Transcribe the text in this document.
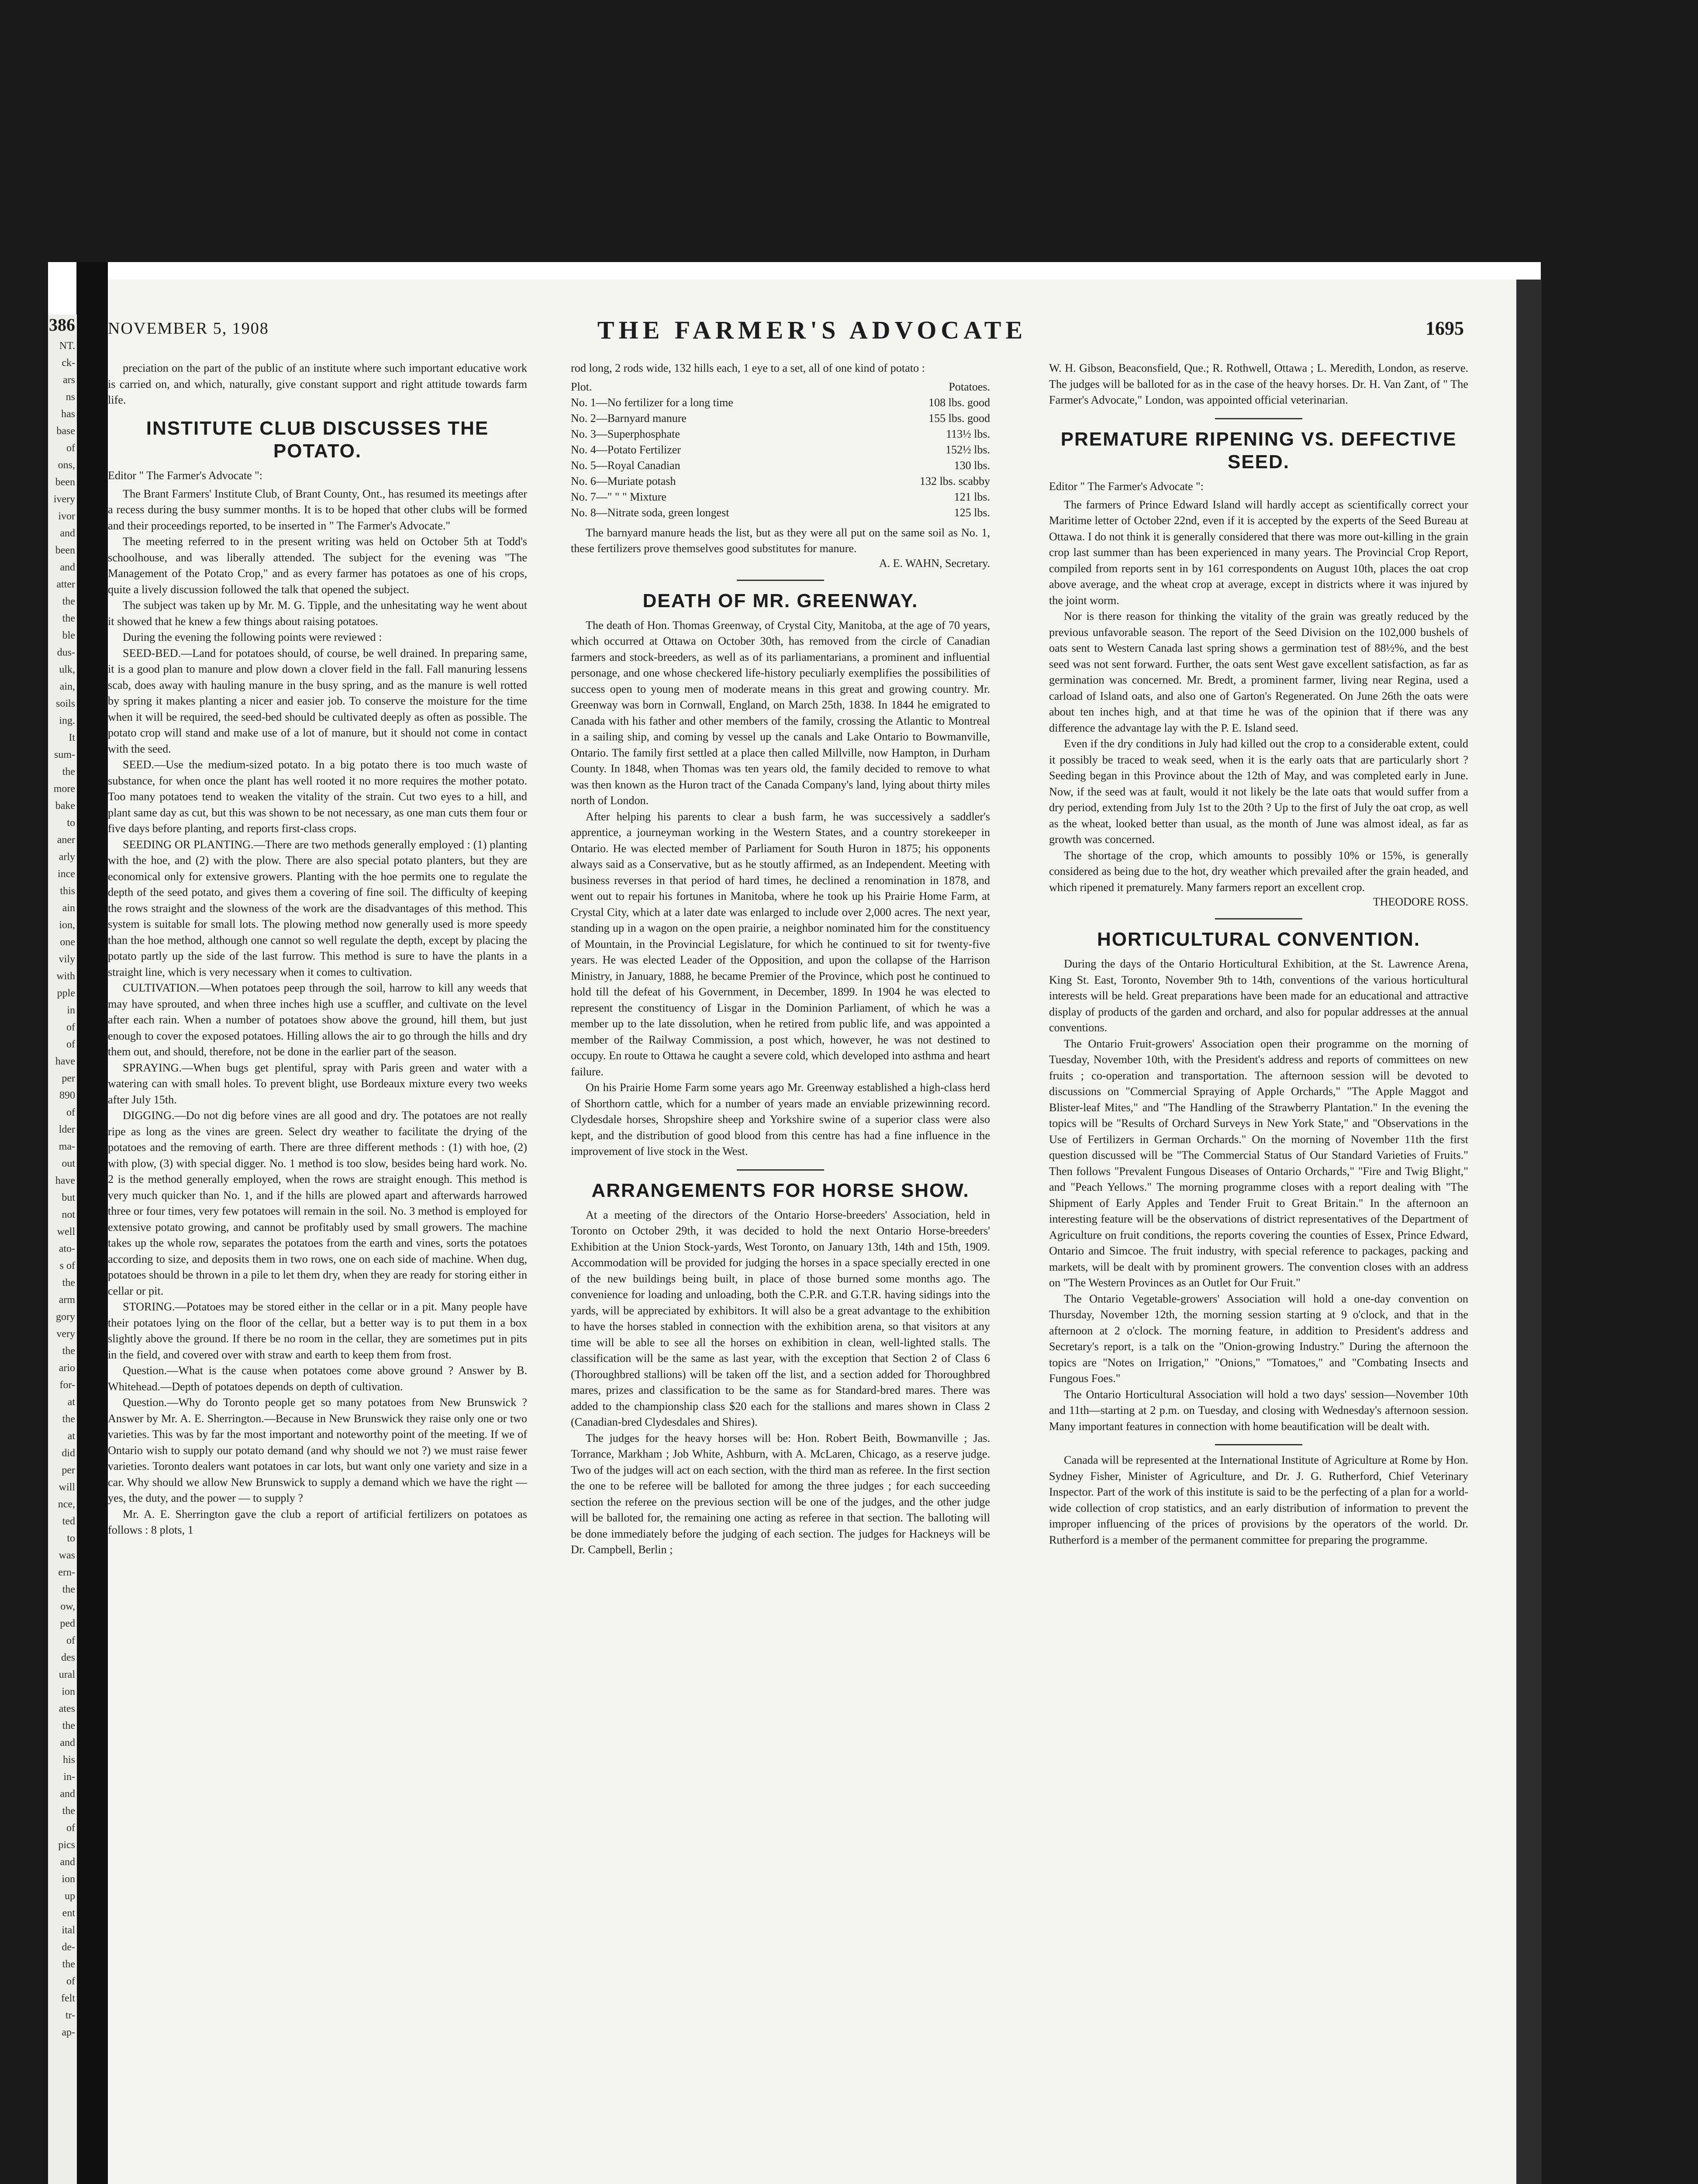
386
NT.
ck-
ars
ns
has
base
of
ons,
been
ivery
ivor
and
been
and
atter
the
the
ble
dus-
ulk,
ain,
soils
ing.
It
sum-
the
more
bake
to
aner
arly
ince
this
ain
ion,
one
vily
with
pple
in
of
of
have
per
890
of
lder
ma-
out
have
but
not
well
ato-
s of
the
arm
gory
very
the
ario
for-
at
the
at
did
per
will
nce,
ted
to
was
ern-
the
ow,
ped
of
des
ural
ion
ates
the
and
his
in-
and
the
of
pics
and
ion
up
ent
ital
de-
the
of
felt
tr-
ap-
NOVEMBER 5, 1908	THE FARMER'S ADVOCATE	1695

preciation on the part of the public of an institute where such important educative work is carried on, and which, naturally, give constant support and right attitude towards farm life.

INSTITUTE CLUB DISCUSSES THE POTATO.

Editor " The Farmer's Advocate ":

The Brant Farmers' Institute Club, of Brant County, Ont., has resumed its meetings after a recess during the busy summer months. It is to be hoped that other clubs will be formed and their proceedings reported, to be inserted in " The Farmer's Advocate."

The meeting referred to in the present writing was held on October 5th at Todd's schoolhouse, and was liberally attended. The subject for the evening was "The Management of the Potato Crop," and as every farmer has potatoes as one of his crops, quite a lively discussion followed the talk that opened the subject.

The subject was taken up by Mr. M. G. Tipple, and the unhesitating way he went about it showed that he knew a few things about raising potatoes.

During the evening the following points were reviewed :

SEED-BED.—Land for potatoes should, of course, be well drained. In preparing same, it is a good plan to manure and plow down a clover field in the fall. Fall manuring lessens scab, does away with hauling manure in the busy spring, and as the manure is well rotted by spring it makes planting a nicer and easier job. To conserve the moisture for the time when it will be required, the seed-bed should be cultivated deeply as often as possible. The potato crop will stand and make use of a lot of manure, but it should not come in contact with the seed.

SEED.—Use the medium-sized potato. In a big potato there is too much waste of substance, for when once the plant has well rooted it no more requires the mother potato. Too many potatoes tend to weaken the vitality of the strain. Cut two eyes to a hill, and plant same day as cut, but this was shown to be not necessary, as one man cuts them four or five days before planting, and reports first-class crops.

SEEDING OR PLANTING.—There are two methods generally employed : (1) planting with the hoe, and (2) with the plow. There are also special potato planters, but they are economical only for extensive growers. Planting with the hoe permits one to regulate the depth of the seed potato, and gives them a covering of fine soil. The difficulty of keeping the rows straight and the slowness of the work are the disadvantages of this method. This system is suitable for small lots. The plowing method now generally used is more speedy than the hoe method, although one cannot so well regulate the depth, except by placing the potato partly up the side of the last furrow. This method is sure to have the plants in a straight line, which is very necessary when it comes to cultivation.

CULTIVATION.—When potatoes peep through the soil, harrow to kill any weeds that may have sprouted, and when three inches high use a scuffler, and cultivate on the level after each rain. When a number of potatoes show above the ground, hill them, but just enough to cover the exposed potatoes. Hilling allows the air to go through the hills and dry them out, and should, therefore, not be done in the earlier part of the season.

SPRAYING.—When bugs get plentiful, spray with Paris green and water with a watering can with small holes. To prevent blight, use Bordeaux mixture every two weeks after July 15th.

DIGGING.—Do not dig before vines are all good and dry. The potatoes are not really ripe as long as the vines are green. Select dry weather to facilitate the drying of the potatoes and the removing of earth. There are three different methods : (1) with hoe, (2) with plow, (3) with special digger. No. 1 method is too slow, besides being hard work. No. 2 is the method generally employed, when the rows are straight enough. This method is very much quicker than No. 1, and if the hills are plowed apart and afterwards harrowed three or four times, very few potatoes will remain in the soil. No. 3 method is employed for extensive potato growing, and cannot be profitably used by small growers. The machine takes up the whole row, separates the potatoes from the earth and vines, sorts the potatoes according to size, and deposits them in two rows, one on each side of machine. When dug, potatoes should be thrown in a pile to let them dry, when they are ready for storing either in cellar or pit.

STORING.—Potatoes may be stored either in the cellar or in a pit. Many people have their potatoes lying on the floor of the cellar, but a better way is to put them in a box slightly above the ground. If there be no room in the cellar, they are sometimes put in pits in the field, and covered over with straw and earth to keep them from frost.

Question.—What is the cause when potatoes come above ground ? Answer by B. Whitehead.—Depth of potatoes depends on depth of cultivation.

Question.—Why do Toronto people get so many potatoes from New Brunswick ? Answer by Mr. A. E. Sherrington.—Because in New Brunswick they raise only one or two varieties. This was by far the most important and noteworthy point of the meeting. If we of Ontario wish to supply our potato demand (and why should we not ?) we must raise fewer varieties. Toronto dealers want potatoes in car lots, but want only one variety and size in a car. Why should we allow New Brunswick to supply a demand which we have the right — yes, the duty, and the power — to supply ?

Mr. A. E. Sherrington gave the club a report of artificial fertilizers on potatoes as follows : 8 plots, 1

rod long, 2 rods wide, 132 hills each, 1 eye to a set, all of one kind of potato :

Plot.	Potatoes.
No. 1—No fertilizer for a long time	108 lbs. good
No. 2—Barnyard manure	155 lbs. good
No. 3—Superphosphate	113½ lbs.
No. 4—Potato Fertilizer	152½ lbs.
No. 5—Royal Canadian	130 lbs.
No. 6—Muriate potash	132 lbs. scabby
No. 7—" " " Mixture	121 lbs.
No. 8—Nitrate soda, green longest	125 lbs.

The barnyard manure heads the list, but as they were all put on the same soil as No. 1, these fertilizers prove themselves good substitutes for manure.

A. E. WAHN, Secretary.

DEATH OF MR. GREENWAY.

The death of Hon. Thomas Greenway, of Crystal City, Manitoba, at the age of 70 years, which occurred at Ottawa on October 30th, has removed from the circle of Canadian farmers and stock-breeders, as well as of its parliamentarians, a prominent and influential personage, and one whose checkered life-history peculiarly exemplifies the possibilities of success open to young men of moderate means in this great and growing country. Mr. Greenway was born in Cornwall, England, on March 25th, 1838. In 1844 he emigrated to Canada with his father and other members of the family, crossing the Atlantic to Montreal in a sailing ship, and coming by vessel up the canals and Lake Ontario to Bowmanville, Ontario. The family first settled at a place then called Millville, now Hampton, in Durham County. In 1848, when Thomas was ten years old, the family decided to remove to what was then known as the Huron tract of the Canada Company's land, lying about thirty miles north of London.

After helping his parents to clear a bush farm, he was successively a saddler's apprentice, a journeyman working in the Western States, and a country storekeeper in Ontario. He was elected member of Parliament for South Huron in 1875; his opponents always said as a Conservative, but as he stoutly affirmed, as an Independent. Meeting with business reverses in that period of hard times, he declined a renomination in 1878, and went out to repair his fortunes in Manitoba, where he took up his Prairie Home Farm, at Crystal City, which at a later date was enlarged to include over 2,000 acres. The next year, standing up in a wagon on the open prairie, a neighbor nominated him for the constituency of Mountain, in the Provincial Legislature, for which he continued to sit for twenty-five years. He was elected Leader of the Opposition, and upon the collapse of the Harrison Ministry, in January, 1888, he became Premier of the Province, which post he continued to hold till the defeat of his Government, in December, 1899. In 1904 he was elected to represent the constituency of Lisgar in the Dominion Parliament, of which he was a member up to the late dissolution, when he retired from public life, and was appointed a member of the Railway Commission, a post which, however, he was not destined to occupy. En route to Ottawa he caught a severe cold, which developed into asthma and heart failure.

On his Prairie Home Farm some years ago Mr. Greenway established a high-class herd of Shorthorn cattle, which for a number of years made an enviable prizewinning record. Clydesdale horses, Shropshire sheep and Yorkshire swine of a superior class were also kept, and the distribution of good blood from this centre has had a fine influence in the improvement of live stock in the West.

ARRANGEMENTS FOR HORSE SHOW.

At a meeting of the directors of the Ontario Horse-breeders' Association, held in Toronto on October 29th, it was decided to hold the next Ontario Horse-breeders' Exhibition at the Union Stock-yards, West Toronto, on January 13th, 14th and 15th, 1909. Accommodation will be provided for judging the horses in a space specially erected in one of the new buildings being built, in place of those burned some months ago. The convenience for loading and unloading, both the C.P.R. and G.T.R. having sidings into the yards, will be appreciated by exhibitors. It will also be a great advantage to the exhibition to have the horses stabled in connection with the exhibition arena, so that visitors at any time will be able to see all the horses on exhibition in clean, well-lighted stalls. The classification will be the same as last year, with the exception that Section 2 of Class 6 (Thoroughbred stallions) will be taken off the list, and a section added for Thoroughbred mares, prizes and classification to be the same as for Standard-bred mares. There was added to the championship class $20 each for the stallions and mares shown in Class 2 (Canadian-bred Clydesdales and Shires).

The judges for the heavy horses will be: Hon. Robert Beith, Bowmanville ; Jas. Torrance, Markham ; Job White, Ashburn, with A. McLaren, Chicago, as a reserve judge. Two of the judges will act on each section, with the third man as referee. In the first section the one to be referee will be balloted for among the three judges ; for each succeeding section the referee on the previous section will be one of the judges, and the other judge will be balloted for, the remaining one acting as referee in that section. The balloting will be done immediately before the judging of each section. The judges for Hackneys will be Dr. Campbell, Berlin ;

W. H. Gibson, Beaconsfield, Que.; R. Rothwell, Ottawa ; L. Meredith, London, as reserve. The judges will be balloted for as in the case of the heavy horses. Dr. H. Van Zant, of " The Farmer's Advocate," London, was appointed official veterinarian.

PREMATURE RIPENING VS. DEFECTIVE SEED.

Editor " The Farmer's Advocate ":

The farmers of Prince Edward Island will hardly accept as scientifically correct your Maritime letter of October 22nd, even if it is accepted by the experts of the Seed Bureau at Ottawa. I do not think it is generally considered that there was more out-killing in the grain crop last summer than has been experienced in many years. The Provincial Crop Report, compiled from reports sent in by 161 correspondents on August 10th, places the oat crop above average, and the wheat crop at average, except in districts where it was injured by the joint worm.

Nor is there reason for thinking the vitality of the grain was greatly reduced by the previous unfavorable season. The report of the Seed Division on the 102,000 bushels of oats sent to Western Canada last spring shows a germination test of 88½%, and the best seed was not sent forward. Further, the oats sent West gave excellent satisfaction, as far as germination was concerned. Mr. Bredt, a prominent farmer, living near Regina, used a carload of Island oats, and also one of Garton's Regenerated. On June 26th the oats were about ten inches high, and at that time he was of the opinion that if there was any difference the advantage lay with the P. E. Island seed.

Even if the dry conditions in July had killed out the crop to a considerable extent, could it possibly be traced to weak seed, when it is the early oats that are particularly short ? Seeding began in this Province about the 12th of May, and was completed early in June. Now, if the seed was at fault, would it not likely be the late oats that would suffer from a dry period, extending from July 1st to the 20th ? Up to the first of July the oat crop, as well as the wheat, looked better than usual, as the month of June was almost ideal, as far as growth was concerned.

The shortage of the crop, which amounts to possibly 10% or 15%, is generally considered as being due to the hot, dry weather which prevailed after the grain headed, and which ripened it prematurely. Many farmers report an excellent crop.

THEODORE ROSS.

HORTICULTURAL CONVENTION.

During the days of the Ontario Horticultural Exhibition, at the St. Lawrence Arena, King St. East, Toronto, November 9th to 14th, conventions of the various horticultural interests will be held. Great preparations have been made for an educational and attractive display of products of the garden and orchard, and also for popular addresses at the annual conventions.

The Ontario Fruit-growers' Association open their programme on the morning of Tuesday, November 10th, with the President's address and reports of committees on new fruits ; co-operation and transportation. The afternoon session will be devoted to discussions on "Commercial Spraying of Apple Orchards," "The Apple Maggot and Blister-leaf Mites," and "The Handling of the Strawberry Plantation." In the evening the topics will be "Results of Orchard Surveys in New York State," and "Observations in the Use of Fertilizers in German Orchards." On the morning of November 11th the first question discussed will be "The Commercial Status of Our Standard Varieties of Fruits." Then follows "Prevalent Fungous Diseases of Ontario Orchards," "Fire and Twig Blight," and "Peach Yellows." The morning programme closes with a report dealing with "The Shipment of Early Apples and Tender Fruit to Great Britain." In the afternoon an interesting feature will be the observations of district representatives of the Department of Agriculture on fruit conditions, the reports covering the counties of Essex, Prince Edward, Ontario and Simcoe. The fruit industry, with special reference to packages, packing and markets, will be dealt with by prominent growers. The convention closes with an address on "The Western Provinces as an Outlet for Our Fruit."

The Ontario Vegetable-growers' Association will hold a one-day convention on Thursday, November 12th, the morning session starting at 9 o'clock, and that in the afternoon at 2 o'clock. The morning feature, in addition to President's address and Secretary's report, is a talk on the "Onion-growing Industry." During the afternoon the topics are "Notes on Irrigation," "Onions," "Tomatoes," and "Combating Insects and Fungous Foes."

The Ontario Horticultural Association will hold a two days' session—November 10th and 11th—starting at 2 p.m. on Tuesday, and closing with Wednesday's afternoon session. Many important features in connection with home beautification will be dealt with.

Canada will be represented at the International Institute of Agriculture at Rome by Hon. Sydney Fisher, Minister of Agriculture, and Dr. J. G. Rutherford, Chief Veterinary Inspector. Part of the work of this institute is said to be the perfecting of a plan for a world-wide collection of crop statistics, and an early distribution of information to prevent the improper influencing of the prices of provisions by the operators of the world. Dr. Rutherford is a member of the permanent committee for preparing the programme.
